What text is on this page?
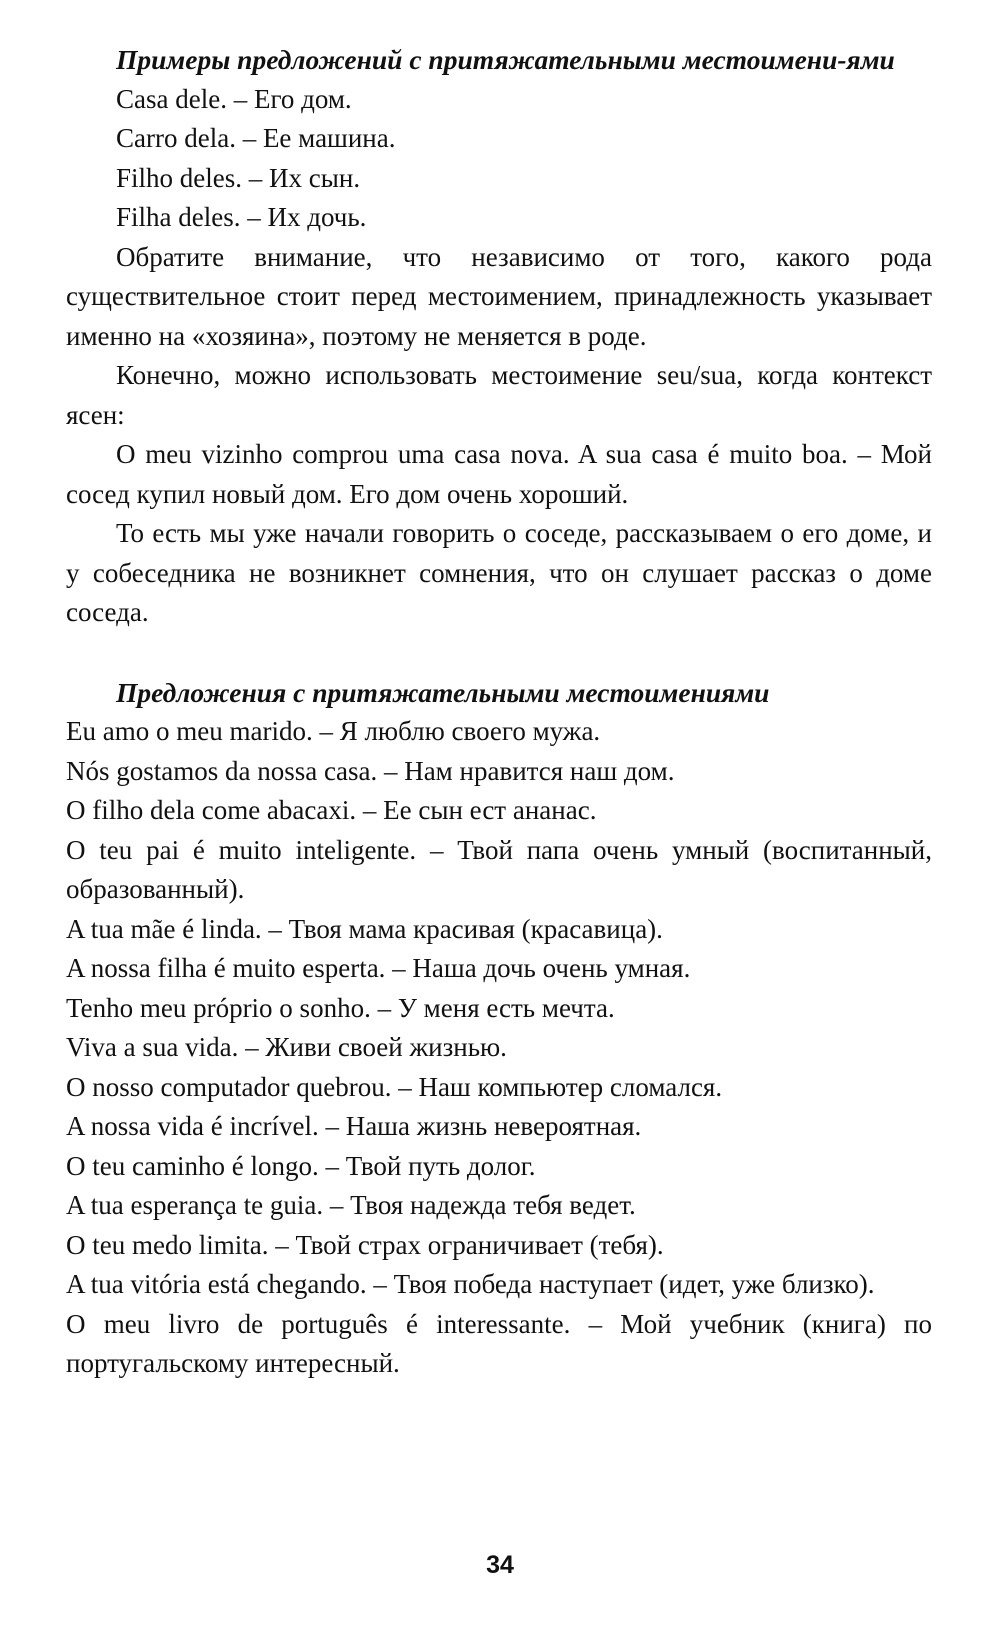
Примеры предложений с притяжательными местоимени-ями

Casa dele. – Его дом.

Carro dela. – Ее машина.

Filho deles. – Их сын.

Filha deles. – Их дочь.

Обратите внимание, что независимо от того, какого рода существительное стоит перед местоимением, принадлежность указывает именно на «хозяина», поэтому не меняется в роде.

Конечно, можно использовать местоимение seu/sua, когда контекст ясен:

O meu vizinho comprou uma casa nova. A sua casa é muito boa. – Мой сосед купил новый дом. Его дом очень хороший.

То есть мы уже начали говорить о соседе, рассказываем о его доме, и у собеседника не возникнет сомнения, что он слушает рассказ о доме соседа.

Предложения с притяжательными местоимениями

Eu amo o meu marido. – Я люблю своего мужа.

Nós gostamos da nossa casa. – Нам нравится наш дом.

O filho dela come abacaxi. – Ее сын ест ананас.

O teu pai é muito inteligente. – Твой папа очень умный (воспитанный, образованный).

A tua mãe é linda. – Твоя мама красивая (красавица).

A nossa filha é muito esperta. – Наша дочь очень умная.

Tenho meu próprio o sonho. – У меня есть мечта.

Viva a sua vida. – Живи своей жизнью.

O nosso computador quebrou. – Наш компьютер сломался.

A nossa vida é incrível. – Наша жизнь невероятная.

O teu caminho é longo. – Твой путь долог.

A tua esperança te guia. – Твоя надежда тебя ведет.

O teu medo limita. – Твой страх ограничивает (тебя).

A tua vitória está chegando. – Твоя победа наступает (идет, уже близко).

O meu livro de português é interessante. – Мой учебник (книга) по португальскому интересный.

34
